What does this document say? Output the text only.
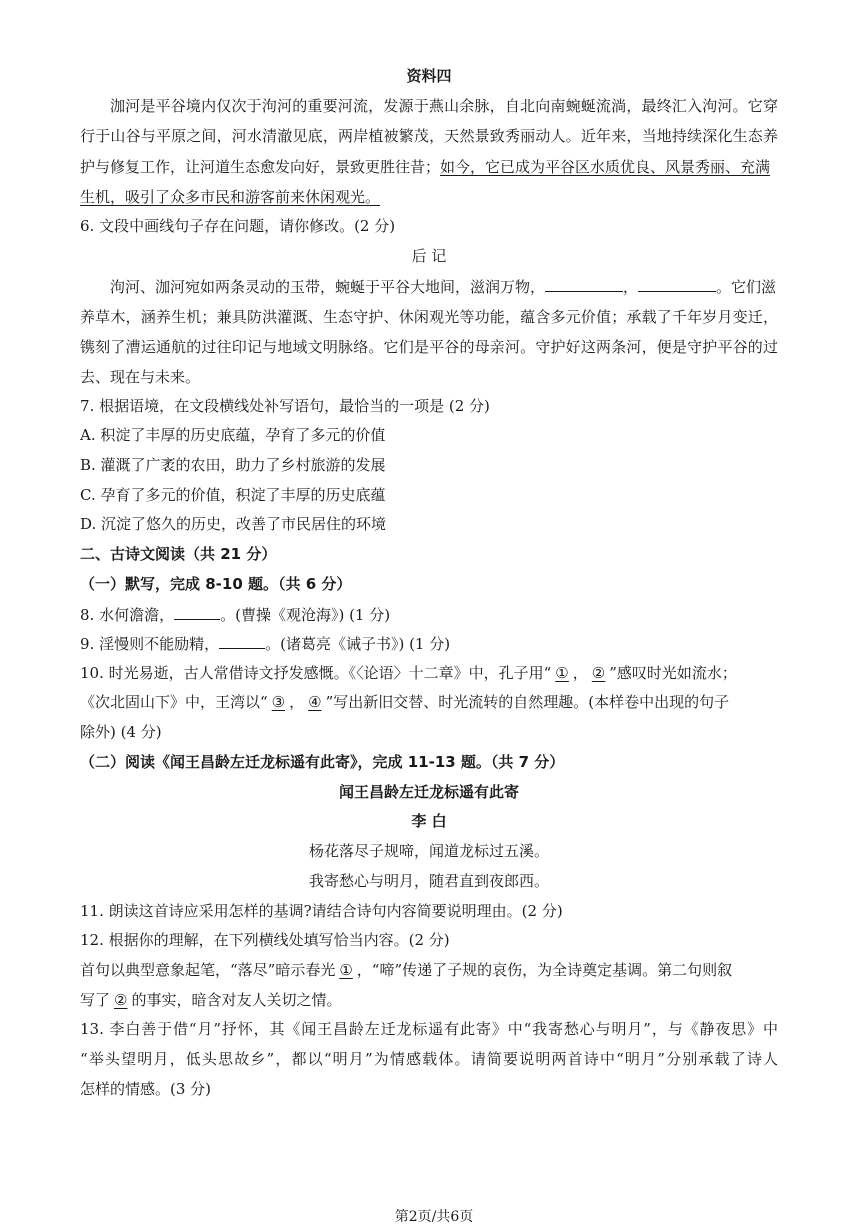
资料四
泇河是平谷境内仅次于泃河的重要河流，发源于燕山余脉，自北向南蜿蜒流淌，最终汇入泃河。它穿
行于山谷与平原之间，河水清澈见底，两岸植被繁茂，天然景致秀丽动人。近年来，当地持续深化生态养
护与修复工作，让河道生态愈发向好，景致更胜往昔；如今，它已成为平谷区水质优良、风景秀丽、充满
生机，吸引了众多市民和游客前来休闲观光。
6. 文段中画线句子存在问题，请你修改。(2 分)
后 记
泃河、泇河宛如两条灵动的玉带，蜿蜒于平谷大地间，滋润万物，	，	。它们滋
养草木，涵养生机；兼具防洪灌溉、生态守护、休闲观光等功能，蕴含多元价值；承载了千年岁月变迁，
镌刻了漕运通航的过往印记与地域文明脉络。它们是平谷的母亲河。守护好这两条河，便是守护平谷的过
去、现在与未来。
7. 根据语境，在文段横线处补写语句，最恰当的一项是 (2 分)
A. 积淀了丰厚的历史底蕴，孕育了多元的价值
B. 灌溉了广袤的农田，助力了乡村旅游的发展
C. 孕育了多元的价值，积淀了丰厚的历史底蕴
D. 沉淀了悠久的历史，改善了市民居住的环境
二、古诗文阅读（共 21 分）
（一）默写，完成 8-10 题。（共 6 分）
8. 水何澹澹，	。(曹操《观沧海》) (1 分)
9. 淫慢则不能励精，	。(诸葛亮《诫子书》) (1 分)
10. 时光易逝，古人常借诗文抒发感慨。《〈论语〉十二章》中，孔子用“ ① ， ② ”感叹时光如流水；
《次北固山下》中，王湾以“ ③ ， ④ ”写出新旧交替、时光流转的自然理趣。(本样卷中出现的句子
除外) (4 分)
（二）阅读《闻王昌龄左迁龙标遥有此寄》，完成 11-13 题。（共 7 分）
闻王昌龄左迁龙标遥有此寄
李 白
杨花落尽子规啼，闻道龙标过五溪。
我寄愁心与明月，随君直到夜郎西。
11. 朗读这首诗应采用怎样的基调?请结合诗句内容简要说明理由。(2 分)
12. 根据你的理解，在下列横线处填写恰当内容。(2 分)
首句以典型意象起笔，“落尽”暗示春光 ① ，“啼”传递了子规的哀伤，为全诗奠定基调。第二句则叙
写了 ② 的事实，暗含对友人关切之情。
13. 李白善于借“月”抒怀，其《闻王昌龄左迁龙标遥有此寄》中“我寄愁心与明月”，与《静夜思》中
“举头望明月，低头思故乡”，都以“明月”为情感载体。请简要说明两首诗中“明月”分别承载了诗人
怎样的情感。(3 分)
第2页/共6页
